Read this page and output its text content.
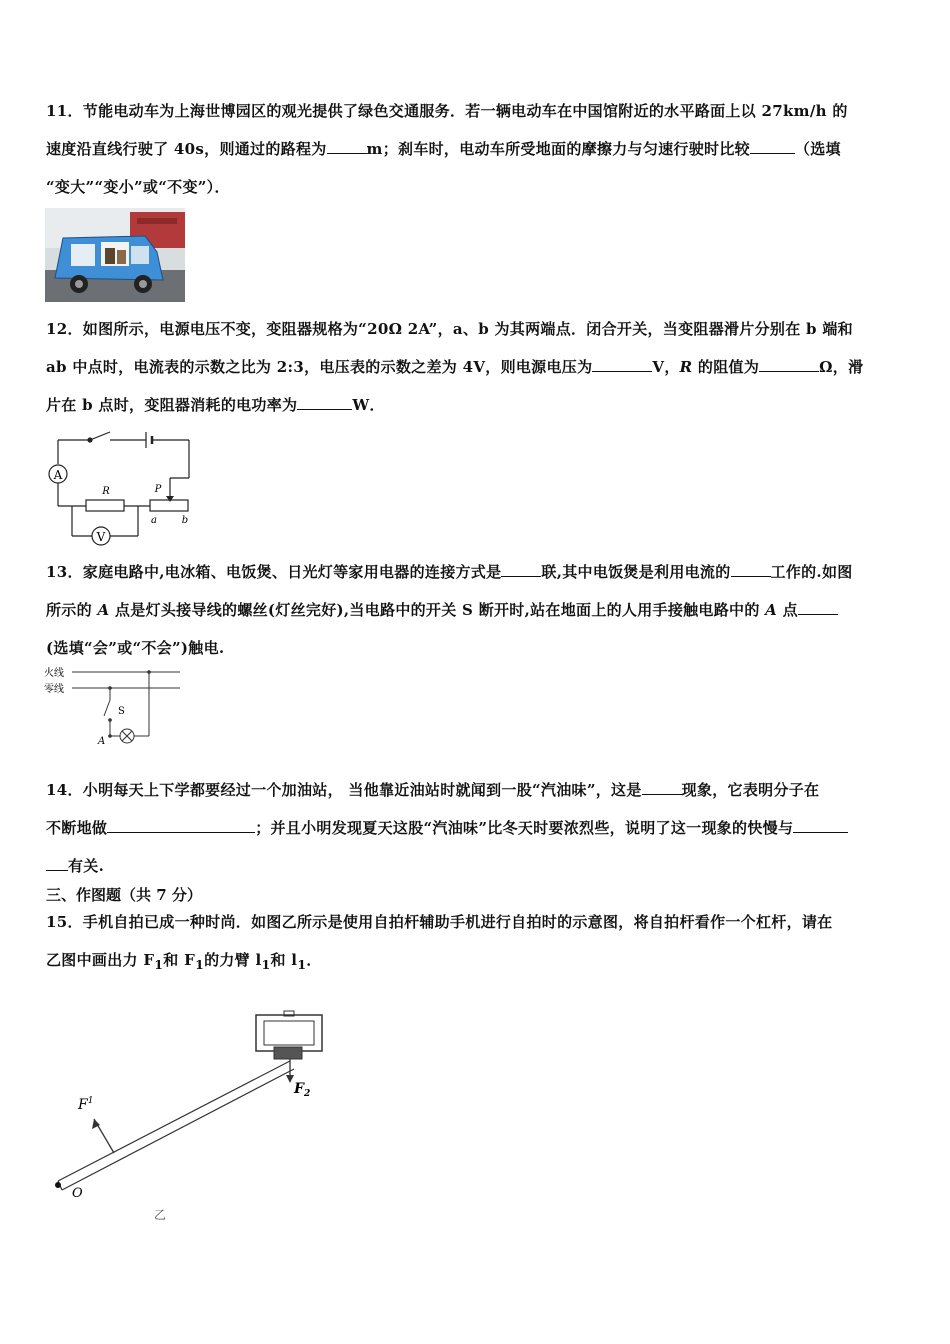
11．节能电动车为上海世博园区的观光提供了绿色交通服务．若一辆电动车在中国馆附近的水平路面上以 27km/h 的

速度沿直线行驶了 40s，则通过的路程为	m；刹车时，电动车所受地面的摩擦力与匀速行驶时比较	（选填

“变大”“变小”或“不变”）．

12．如图所示，电源电压不变，变阻器规格为“20Ω 2A”，a、b 为其两端点．闭合开关，当变阻器滑片分别在 b 端和

ab 中点时，电流表的示数之比为 2:3，电压表的示数之差为 4V，则电源电压为	V，R 的阻值为	Ω，滑

片在 b 点时，变阻器消耗的电功率为	W．

A
V
R	P
a b

13．家庭电路中,电冰箱、电饭煲、日光灯等家用电器的连接方式是	联,其中电饭煲是利用电流的	工作的.如图

所示的 A 点是灯头接导线的螺丝(灯丝完好),当电路中的开关 S 断开时,站在地面上的人用手接触电路中的 A 点

(选填“会”或“不会”)触电.

火线
零线
S
A

14．小明每天上下学都要经过一个加油站， 当他靠近油站时就闻到一股“汽油味”，这是	现象，它表明分子在

不断地做	；并且小明发现夏天这股“汽油味”比冬天时要浓烈些，说明了这一现象的快慢与

有关.

三、作图题（共 7 分）

15．手机自拍已成一种时尚．如图乙所示是使用自拍杆辅助手机进行自拍时的示意图，将自拍杆看作一个杠杆，请在

乙图中画出力 $F_1$和 $F_1$的力臂 $l_1$和 $l_1$．

$F^1$
$F_2$
O
乙
